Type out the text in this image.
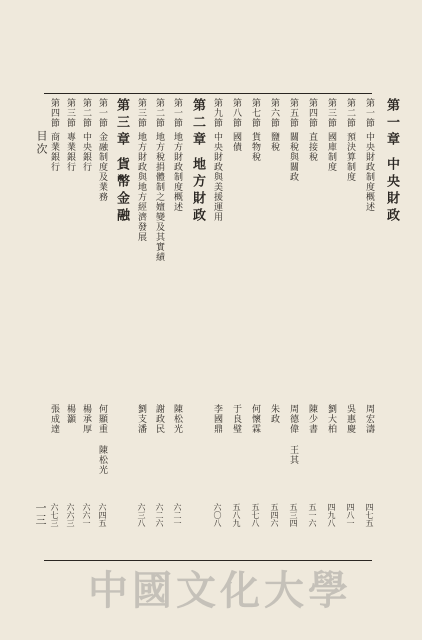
第一章中央財政
第一節中央財政制度概述
周宏濤
四七五
第二節預決算制度
吳惠慶
四八一
第三節國庫制度
劉大柏
四九八
第四節直接稅
陳少書
五一六
第五節關稅與關政
周德偉 王其
五三四
第六節鹽稅
朱政
五四六
第七節貨物稅
何懷霖
五七八
第八節國債
于良璧
五八九
第九節中央財政與美援運用
李國鼎
六〇八
第二章地方財政
第一節地方財政制度概述
陳松光
六二一
第二節地方稅捐體制之嬗變及其實績
謝政民
六二六
第三節地方財政與地方經濟發展
劉支潘
六三八
第三章貨幣金融
第一節金融制度及業務
何顯重 陳松光
六四五
第二節中央銀行
楊承厚
六六一
第三節專業銀行
楊灝
六六三
第四節商業銀行
張成達
六七三
目次
一三
中國文化大學
